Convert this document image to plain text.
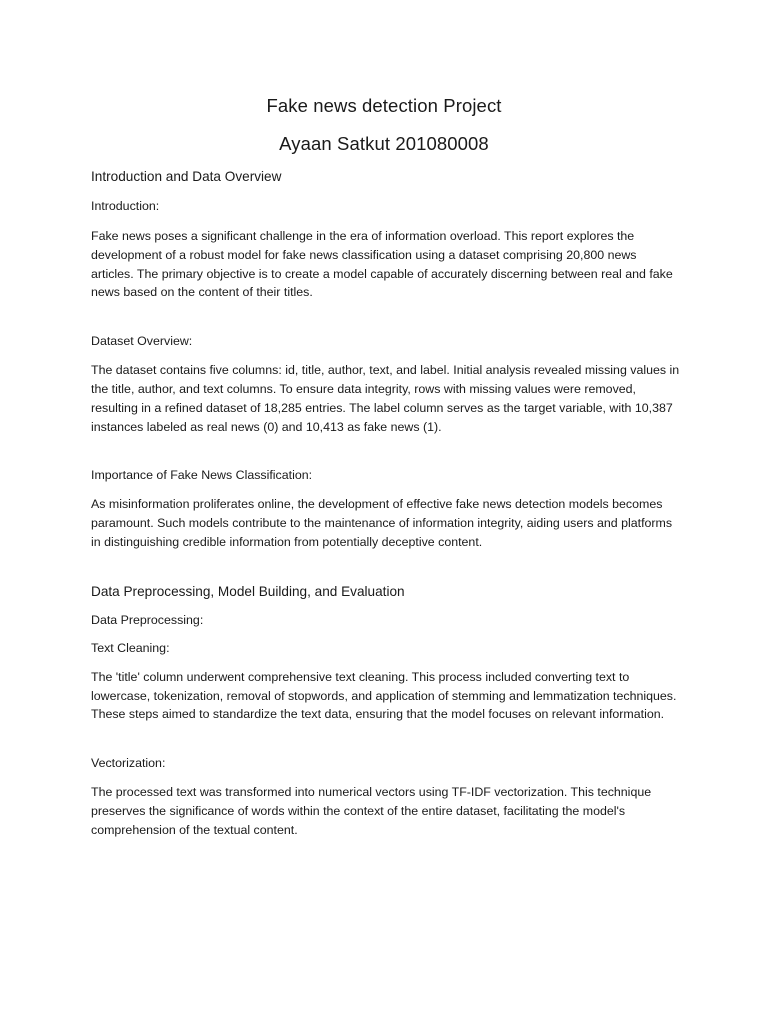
Fake news detection Project
Ayaan Satkut 201080008
Introduction and Data Overview
Introduction:

Fake news poses a significant challenge in the era of information overload. This report explores the development of a robust model for fake news classification using a dataset comprising 20,800 news articles. The primary objective is to create a model capable of accurately discerning between real and fake news based on the content of their titles.

Dataset Overview:

The dataset contains five columns: id, title, author, text, and label. Initial analysis revealed missing values in the title, author, and text columns. To ensure data integrity, rows with missing values were removed, resulting in a refined dataset of 18,285 entries. The label column serves as the target variable, with 10,387 instances labeled as real news (0) and 10,413 as fake news (1).

Importance of Fake News Classification:

As misinformation proliferates online, the development of effective fake news detection models becomes paramount. Such models contribute to the maintenance of information integrity, aiding users and platforms in distinguishing credible information from potentially deceptive content.

Data Preprocessing, Model Building, and Evaluation
Data Preprocessing:
Text Cleaning:

The 'title' column underwent comprehensive text cleaning. This process included converting text to lowercase, tokenization, removal of stopwords, and application of stemming and lemmatization techniques. These steps aimed to standardize the text data, ensuring that the model focuses on relevant information.

Vectorization:

The processed text was transformed into numerical vectors using TF-IDF vectorization. This technique preserves the significance of words within the context of the entire dataset, facilitating the model's comprehension of the textual content.
